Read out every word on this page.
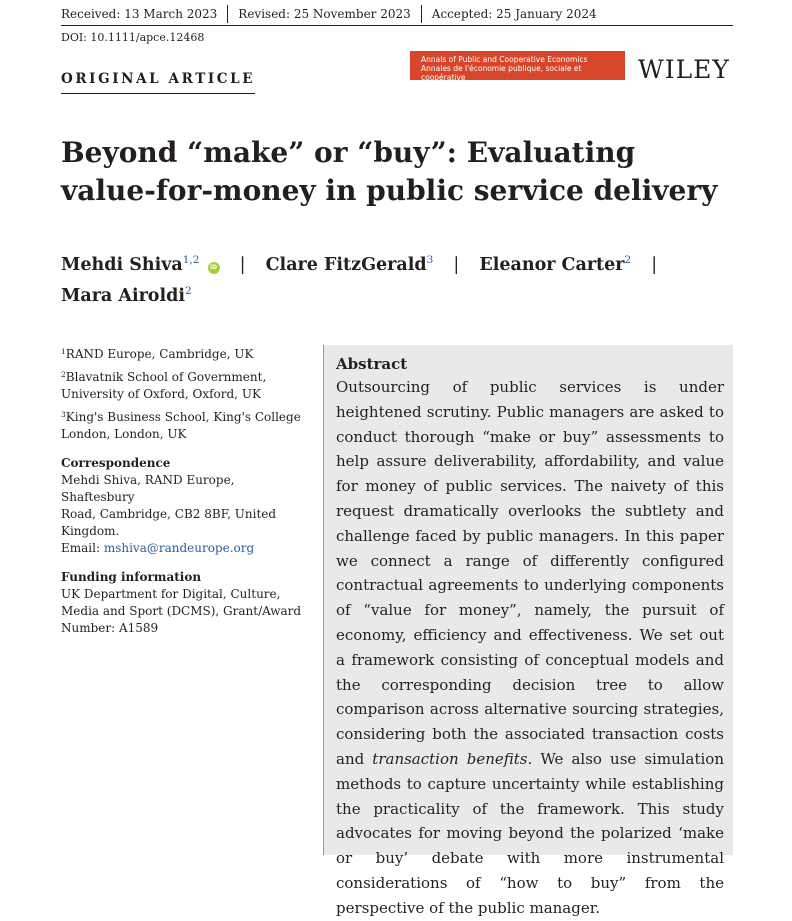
Received: 13 March 2023 Revised: 25 November 2023 Accepted: 25 January 2024
DOI: 10.1111/apce.12468
Annals of Public and Cooperative Economics
Annales de l'économie publique, sociale et coopérative	WILEY
ORIGINAL ARTICLE
Beyond “make” or “buy”: Evaluating
value-for-money in public service delivery
Mehdi Shiva$^{1,2}$ iD | Clare FitzGerald$^3$ | Eleanor Carter$^2$ |
Mara Airoldi$^2$
$^1$RAND Europe, Cambridge, UK
$^2$Blavatnik School of Government,
University of Oxford, Oxford, UK
$^3$King's Business School, King's College
London, London, UK
Correspondence
Mehdi Shiva, RAND Europe, Shaftesbury
Road, Cambridge, CB2 8BF, United
Kingdom.
Email: mshiva@randeurope.org
Funding information
UK Department for Digital, Culture,
Media and Sport (DCMS), Grant/Award
Number: A1589
Abstract

Outsourcing of public services is under heightened scrutiny. Public managers are asked to conduct thorough “make or buy” assessments to help assure deliverability, affordability, and value for money of public services. The naivety of this request dramatically overlooks the subtlety and challenge faced by public managers. In this paper we connect a range of differently configured contractual agreements to underlying components of “value for money”, namely, the pursuit of economy, efficiency and effectiveness. We set out a framework consisting of conceptual models and the corresponding decision tree to allow comparison across alternative sourcing strategies, considering both the associated transaction costs and transaction benefits. We also use simulation methods to capture uncertainty while establishing the practicality of the framework. This study advocates for moving beyond the polarized ‘make or buy’ debate with more instrumental considerations of “how to buy” from the perspective of the public manager.
